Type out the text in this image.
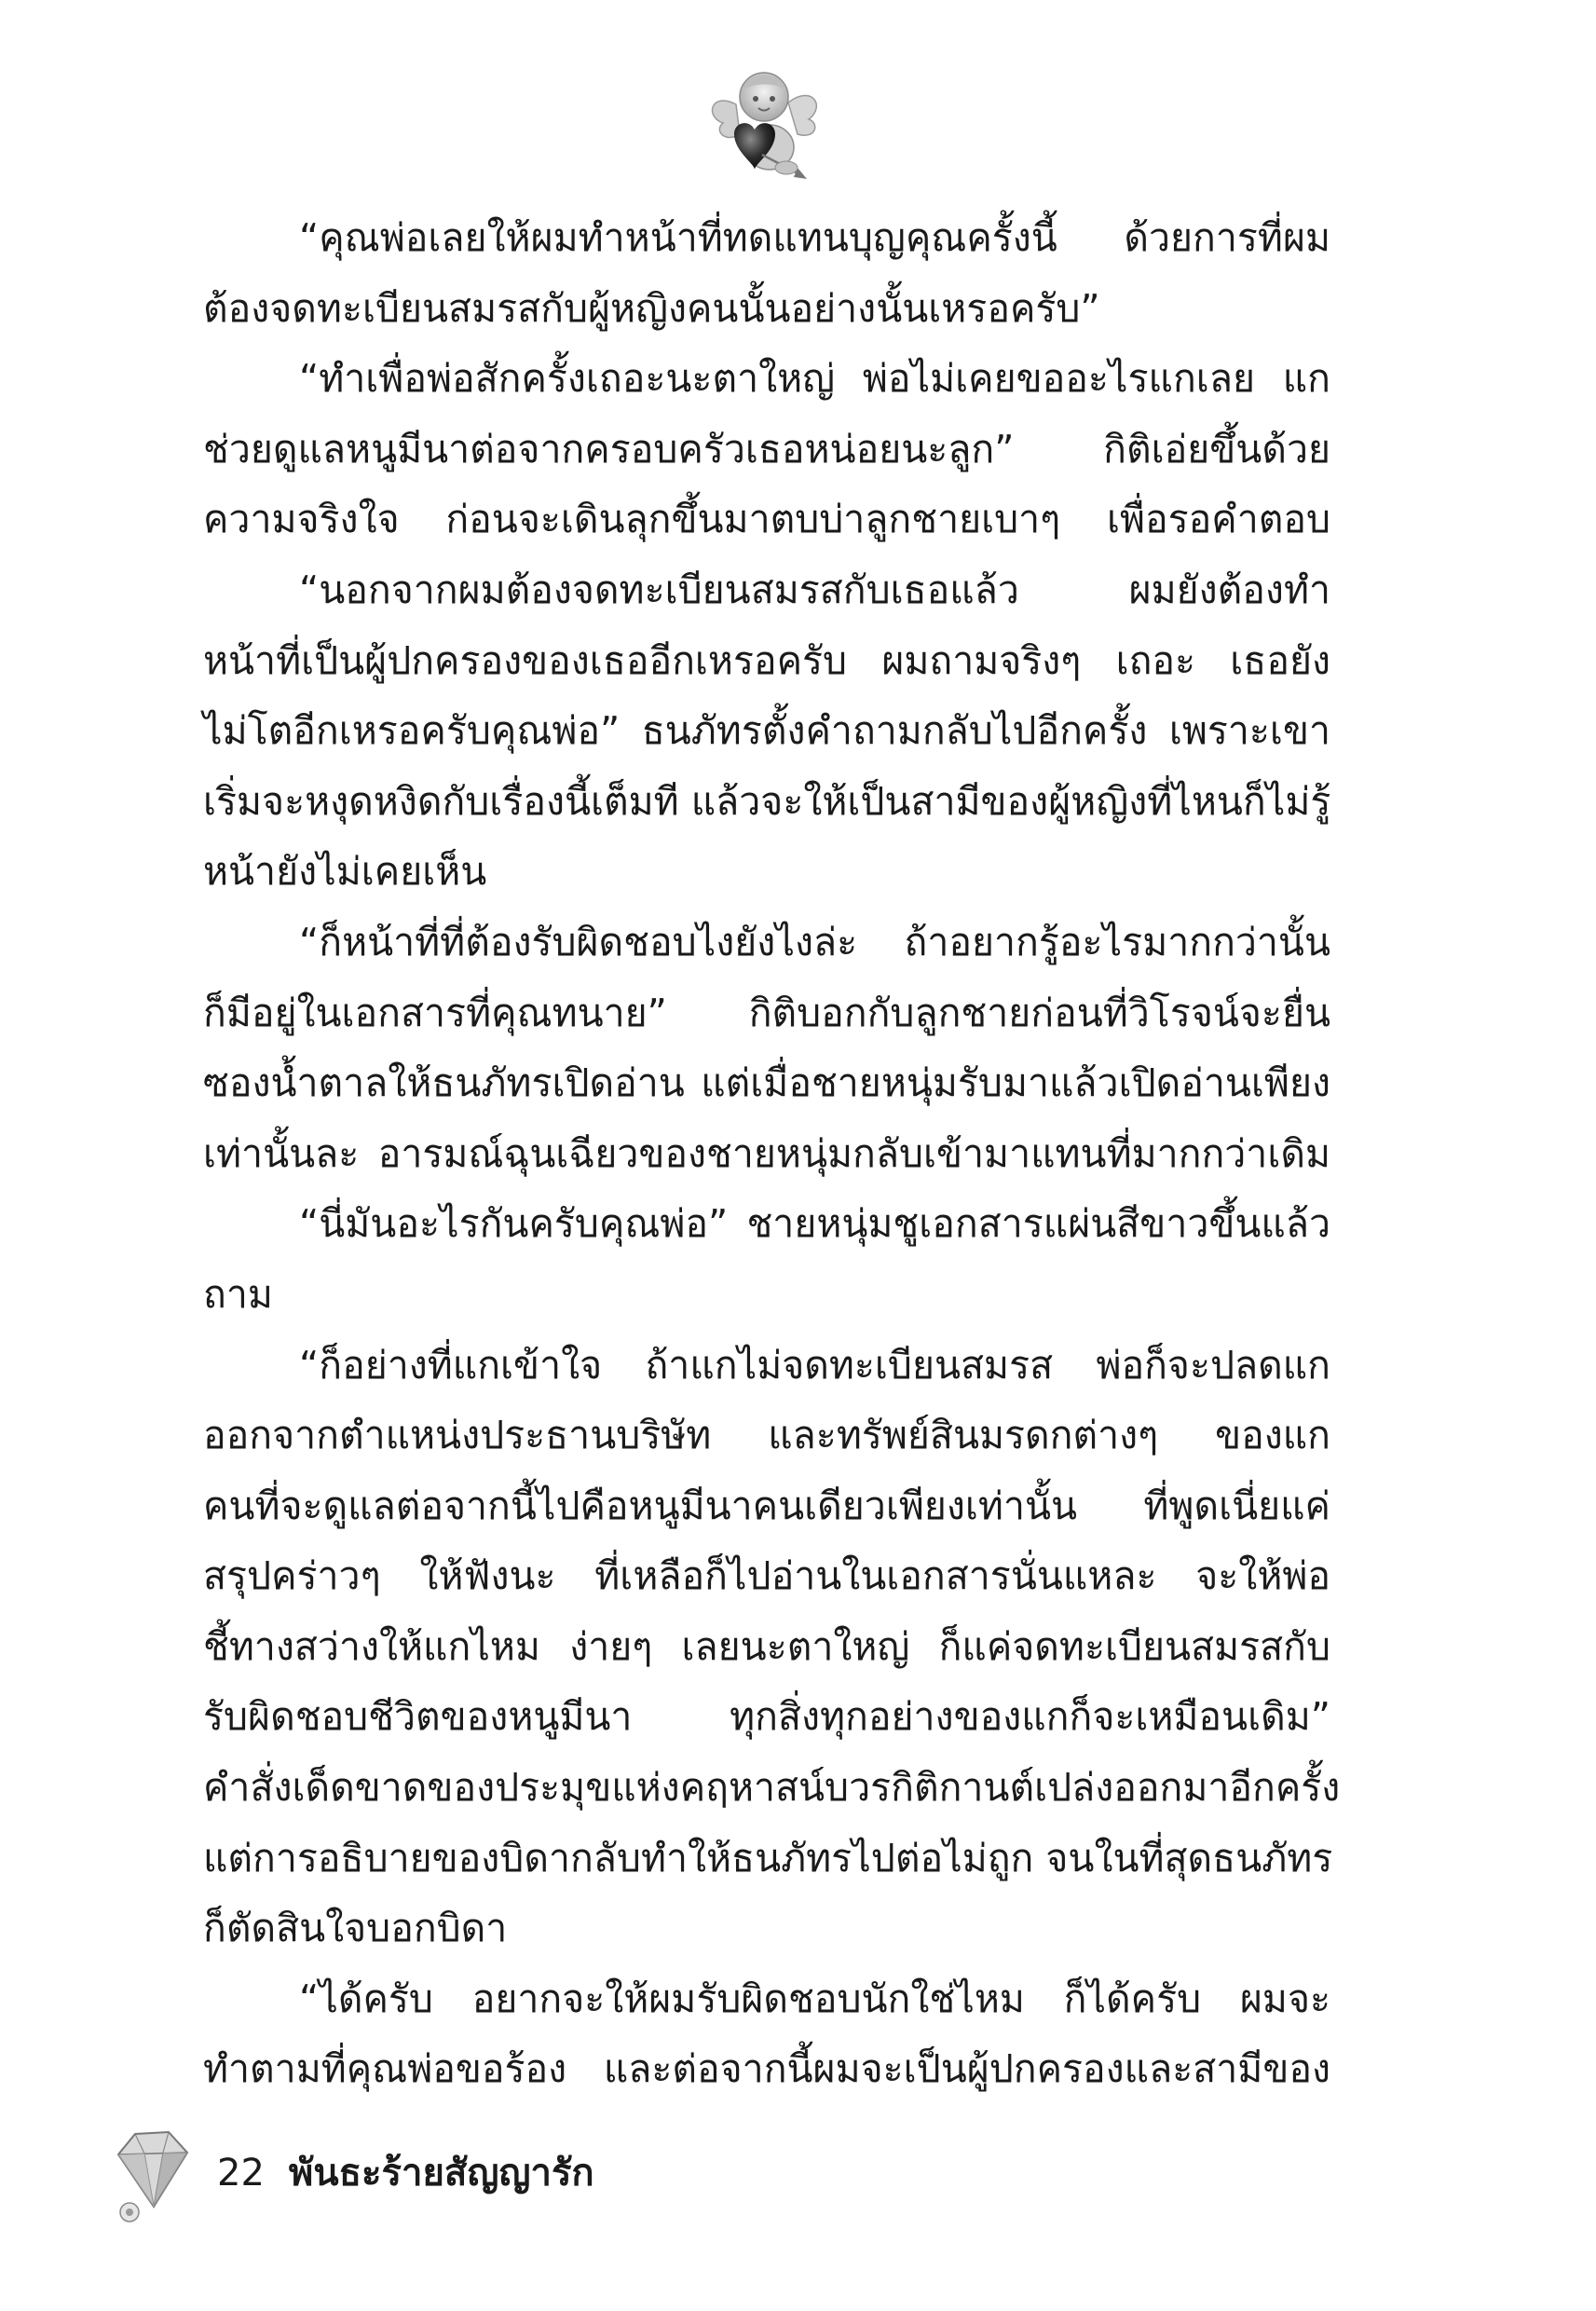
“คุณพ่อเลยให้ผมทำหน้าที่ทดแทนบุญคุณครั้งนี้ ด้วยการที่ผม
ต้องจดทะเบียนสมรสกับผู้หญิงคนนั้นอย่างนั้นเหรอครับ”
“ทำเพื่อพ่อสักครั้งเถอะนะตาใหญ่ พ่อไม่เคยขออะไรแกเลย แก
ช่วยดูแลหนูมีนาต่อจากครอบครัวเธอหน่อยนะลูก” กิติเอ่ยขึ้นด้วย
ความจริงใจ ก่อนจะเดินลุกขึ้นมาตบบ่าลูกชายเบาๆ เพื่อรอคำตอบ
“นอกจากผมต้องจดทะเบียนสมรสกับเธอแล้ว ผมยังต้องทำ
หน้าที่เป็นผู้ปกครองของเธออีกเหรอครับ ผมถามจริงๆ เถอะ เธอยัง
ไม่โตอีกเหรอครับคุณพ่อ” ธนภัทรตั้งคำถามกลับไปอีกครั้ง เพราะเขา
เริ่มจะหงุดหงิดกับเรื่องนี้เต็มที แล้วจะให้เป็นสามีของผู้หญิงที่ไหนก็ไม่รู้
หน้ายังไม่เคยเห็น
“ก็หน้าที่ที่ต้องรับผิดชอบไงยังไงล่ะ ถ้าอยากรู้อะไรมากกว่านั้น
ก็มีอยู่ในเอกสารที่คุณทนาย” กิติบอกกับลูกชายก่อนที่วิโรจน์จะยื่น
ซองน้ำตาลให้ธนภัทรเปิดอ่าน แต่เมื่อชายหนุ่มรับมาแล้วเปิดอ่านเพียง
เท่านั้นละ อารมณ์ฉุนเฉียวของชายหนุ่มกลับเข้ามาแทนที่มากกว่าเดิม
“นี่มันอะไรกันครับคุณพ่อ” ชายหนุ่มชูเอกสารแผ่นสีขาวขึ้นแล้ว
ถาม
“ก็อย่างที่แกเข้าใจ ถ้าแกไม่จดทะเบียนสมรส พ่อก็จะปลดแก
ออกจากตำแหน่งประธานบริษัท และทรัพย์สินมรดกต่างๆ ของแก
คนที่จะดูแลต่อจากนี้ไปคือหนูมีนาคนเดียวเพียงเท่านั้น ที่พูดเนี่ยแค่
สรุปคร่าวๆ ให้ฟังนะ ที่เหลือก็ไปอ่านในเอกสารนั่นแหละ จะให้พ่อ
ชี้ทางสว่างให้แกไหม ง่ายๆ เลยนะตาใหญ่ ก็แค่จดทะเบียนสมรสกับ
รับผิดชอบชีวิตของหนูมีนา ทุกสิ่งทุกอย่างของแกก็จะเหมือนเดิม”
คำสั่งเด็ดขาดของประมุขแห่งคฤหาสน์บวรกิติกานต์เปล่งออกมาอีกครั้ง
แต่การอธิบายของบิดากลับทำให้ธนภัทรไปต่อไม่ถูก จนในที่สุดธนภัทร
ก็ตัดสินใจบอกบิดา
“ได้ครับ อยากจะให้ผมรับผิดชอบนักใช่ไหม ก็ได้ครับ ผมจะ
ทำตามที่คุณพ่อขอร้อง และต่อจากนี้ผมจะเป็นผู้ปกครองและสามีของ
22 พันธะร้ายสัญญารัก
